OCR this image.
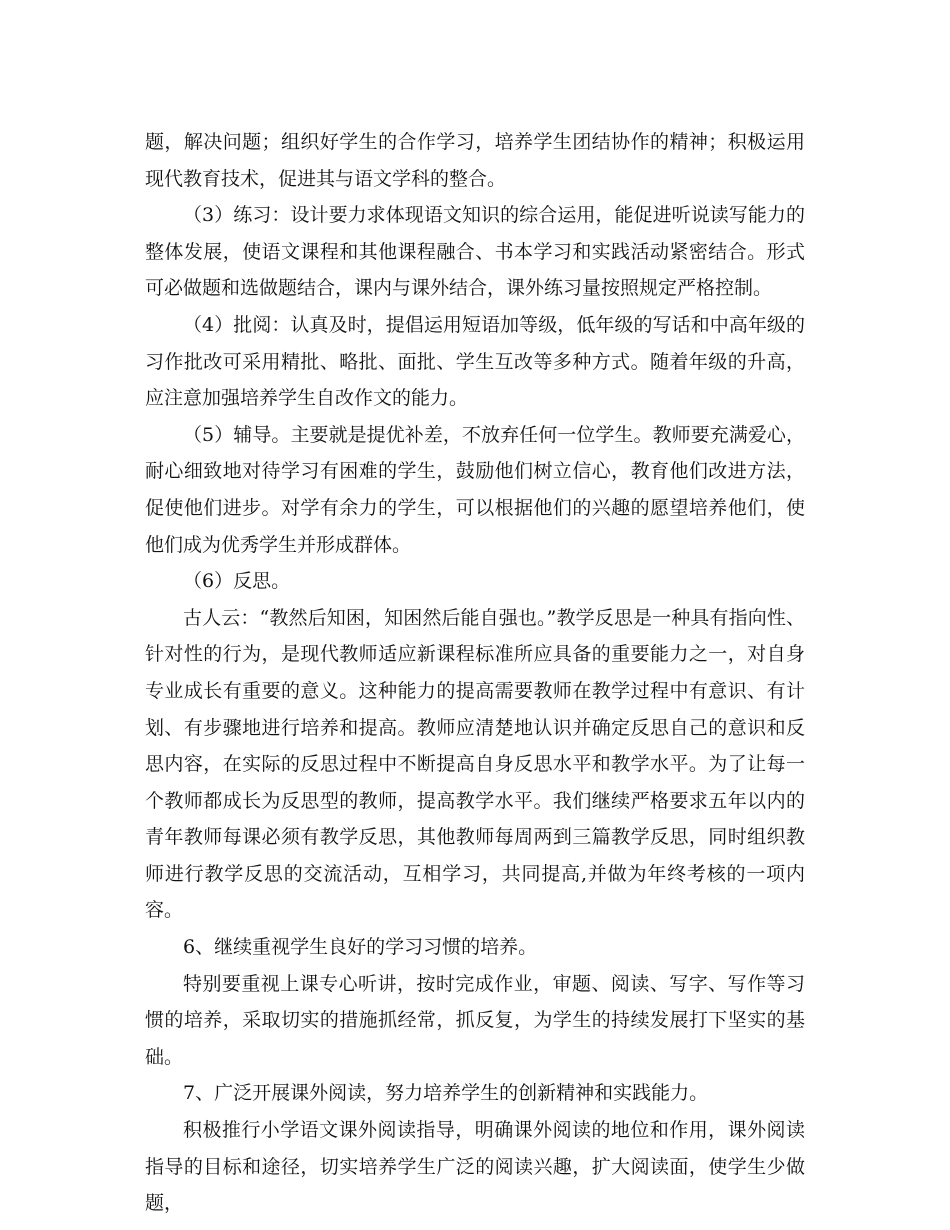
题，解决问题；组织好学生的合作学习，培养学生团结协作的精神；积极运用现代教育技术，促进其与语文学科的整合。

（3）练习：设计要力求体现语文知识的综合运用，能促进听说读写能力的整体发展，使语文课程和其他课程融合、书本学习和实践活动紧密结合。形式可必做题和选做题结合，课内与课外结合，课外练习量按照规定严格控制。

（4）批阅：认真及时，提倡运用短语加等级，低年级的写话和中高年级的习作批改可采用精批、略批、面批、学生互改等多种方式。随着年级的升高，应注意加强培养学生自改作文的能力。

（5）辅导。主要就是提优补差，不放弃任何一位学生。教师要充满爱心，耐心细致地对待学习有困难的学生，鼓励他们树立信心，教育他们改进方法，促使他们进步。对学有余力的学生，可以根据他们的兴趣的愿望培养他们，使他们成为优秀学生并形成群体。

（6）反思。

古人云：“教然后知困，知困然后能自强也。”教学反思是一种具有指向性、针对性的行为，是现代教师适应新课程标准所应具备的重要能力之一，对自身专业成长有重要的意义。这种能力的提高需要教师在教学过程中有意识、有计划、有步骤地进行培养和提高。教师应清楚地认识并确定反思自己的意识和反思内容，在实际的反思过程中不断提高自身反思水平和教学水平。为了让每一个教师都成长为反思型的教师，提高教学水平。我们继续严格要求五年以内的青年教师每课必须有教学反思，其他教师每周两到三篇教学反思，同时组织教师进行教学反思的交流活动，互相学习，共同提高,并做为年终考核的一项内容。

6、继续重视学生良好的学习习惯的培养。

特别要重视上课专心听讲，按时完成作业，审题、阅读、写字、写作等习惯的培养，采取切实的措施抓经常，抓反复，为学生的持续发展打下坚实的基础。

7、广泛开展课外阅读，努力培养学生的创新精神和实践能力。

积极推行小学语文课外阅读指导，明确课外阅读的地位和作用，课外阅读指导的目标和途径，切实培养学生广泛的阅读兴趣，扩大阅读面，使学生少做题，
